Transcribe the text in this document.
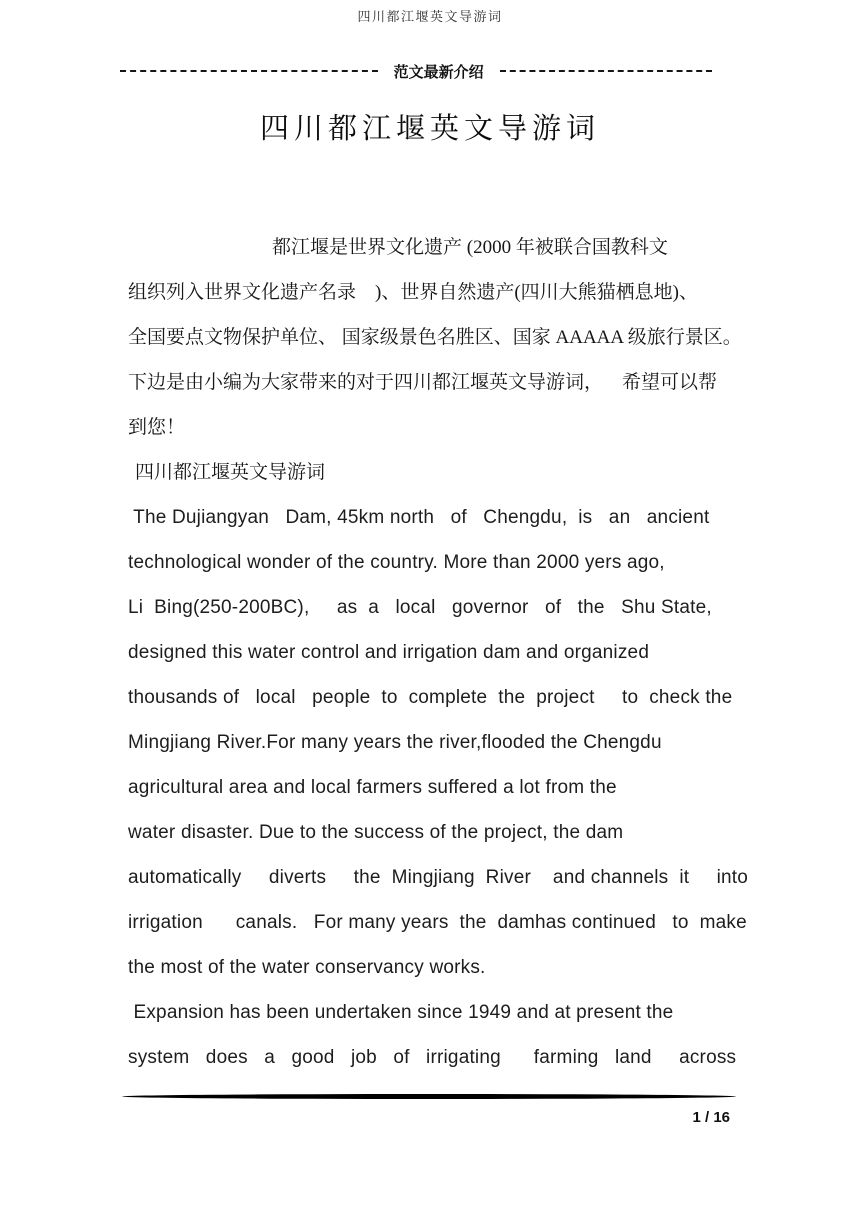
四川都江堰英文导游词
范文最新介绍
四川都江堰英文导游词
都江堰是世界文化遗产 (2000 年被联合国教科文
组织列入世界文化遗产名录    )、世界自然遗产(四川大熊猫栖息地)、
全国要点文物保护单位、 国家级景色名胜区、国家 AAAAA 级旅行景区。
下边是由小编为大家带来的对于四川都江堰英文导游词，    希望可以帮
到您！
四川都江堰英文导游词
The Dujiangyan   Dam, 45km north   of   Chengdu,  is   an   ancient
technological wonder of the country. More than 2000 yers ago,
Li  Bing(250-200BC),     as  a   local   governor   of   the   Shu State,
designed this water control and irrigation dam and organized
thousands of   local   people  to  complete  the  project     to  check the
Mingjiang River.For many years the river,flooded the Chengdu
agricultural area and local farmers suffered a lot from the
water disaster. Due to the success of the project, the dam
automatically     diverts     the  Mingjiang  River    and channels  it     into
irrigation      canals.   For many years  the  damhas continued   to  make
the most of the water conservancy works.
Expansion has been undertaken since 1949 and at present the
system   does   a   good   job   of   irrigating      farming   land     across
1 / 16
